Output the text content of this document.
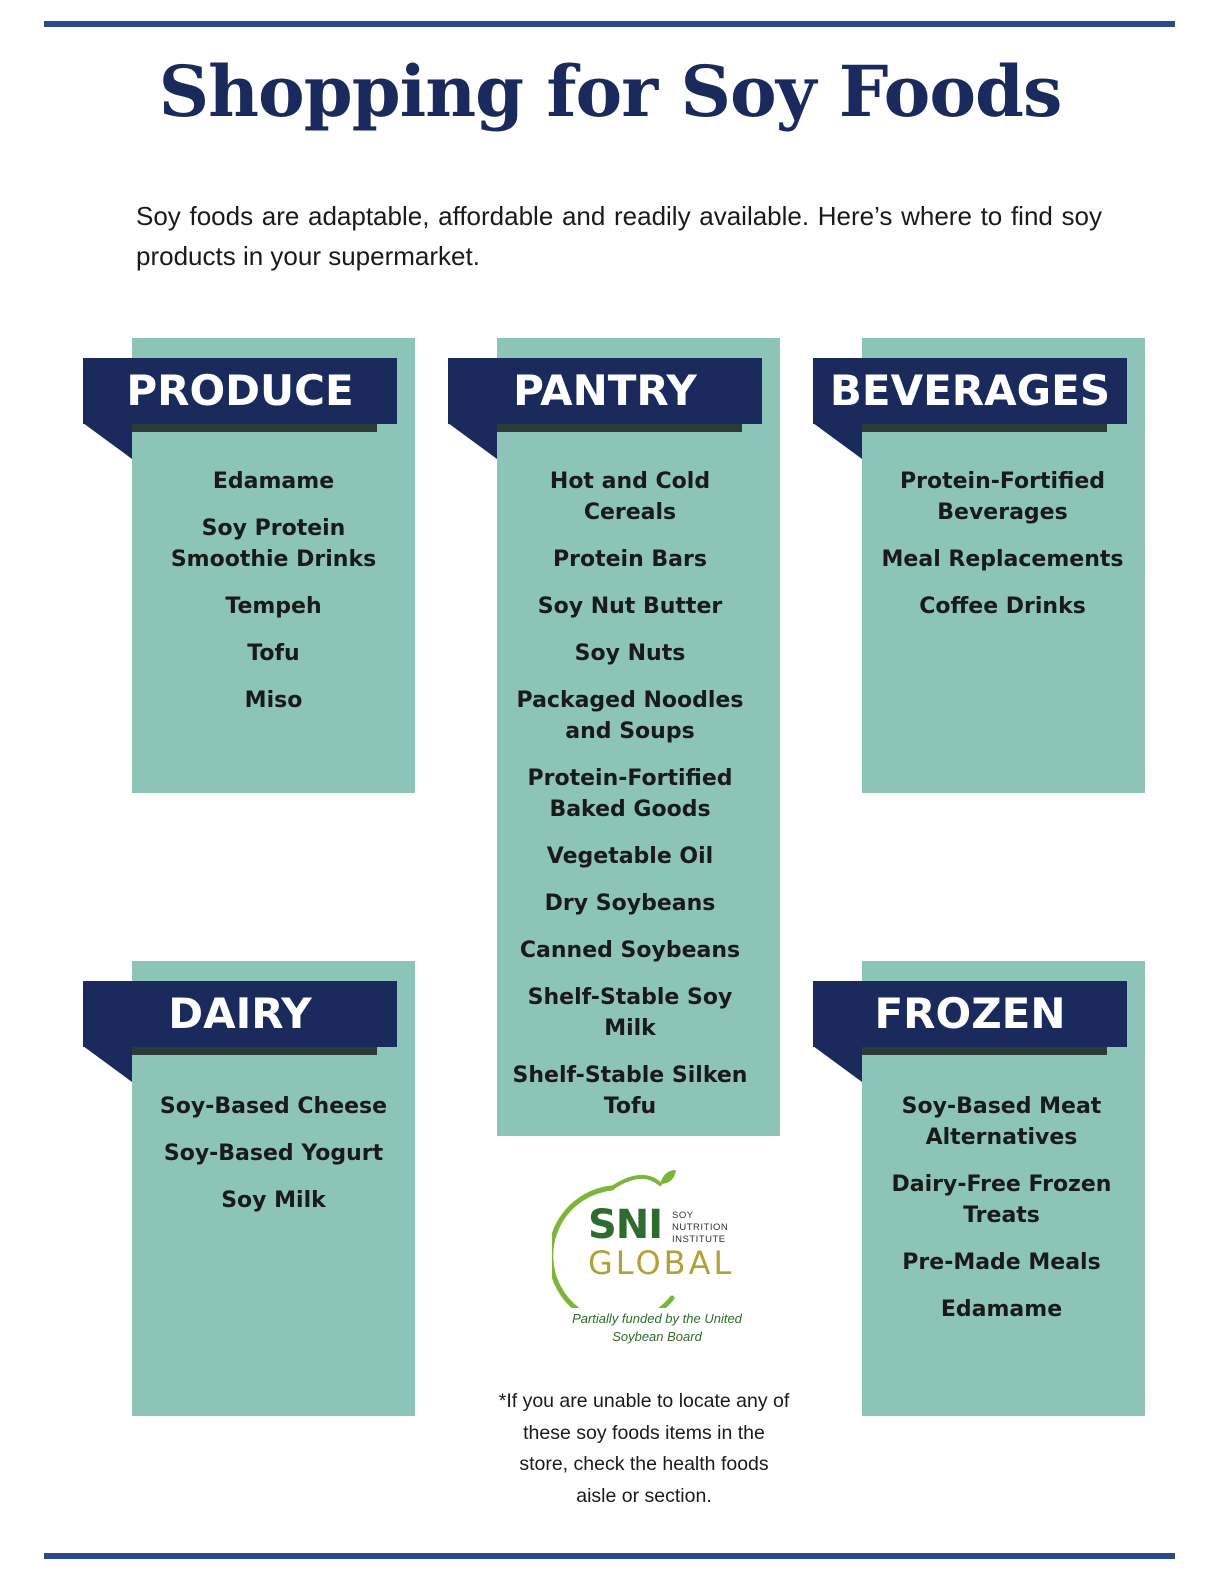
Shopping for Soy Foods

Soy foods are adaptable, affordable and readily available. Here’s where to find soy products in your supermarket.

PRODUCE
Edamame
Soy Protein Smoothie Drinks
Tempeh
Tofu
Miso
PANTRY
Hot and Cold Cereals
Protein Bars
Soy Nut Butter
Soy Nuts
Packaged Noodles and Soups
Protein-Fortified Baked Goods
Vegetable Oil
Dry Soybeans
Canned Soybeans
Shelf-Stable Soy Milk
Shelf-Stable Silken Tofu
BEVERAGES
Protein-Fortified Beverages
Meal Replacements
Coffee Drinks
DAIRY
Soy-Based Cheese
Soy-Based Yogurt
Soy Milk
FROZEN
Soy-Based Meat Alternatives
Dairy-Free Frozen Treats
Pre-Made Meals
Edamame
SNI SOY
NUTRITION
INSTITUTE
GLOBAL
Partially funded by the United Soybean Board

*If you are unable to locate any of these soy foods items in the store, check the health foods aisle or section.
